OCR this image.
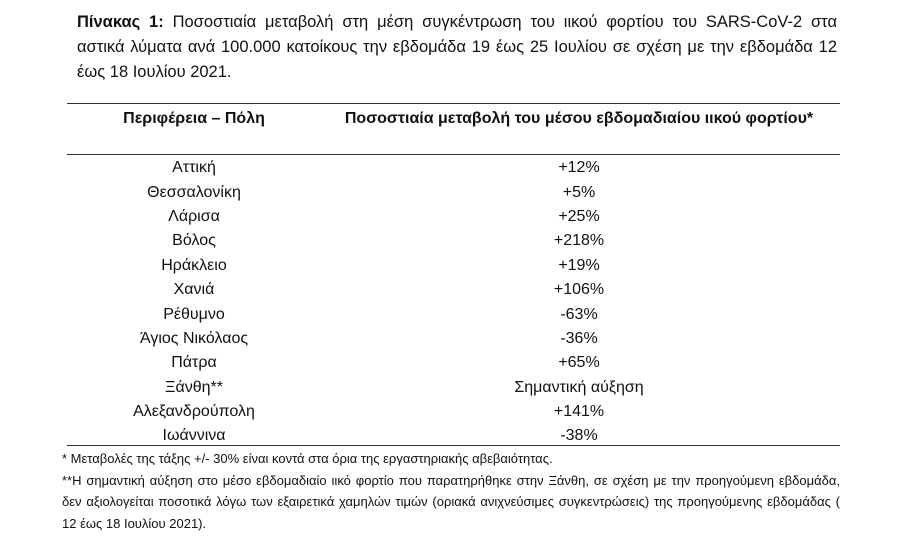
Πίνακας 1: Ποσοστιαία μεταβολή στη μέση συγκέντρωση του ιικού φορτίου του SARS-CoV-2 στα αστικά λύματα ανά 100.000 κατοίκους την εβδομάδα 19 έως 25 Ιουλίου σε σχέση με την εβδομάδα 12 έως 18 Ιουλίου 2021.
Περιφέρεια – Πόλη	Ποσοστιαία μεταβολή του μέσου εβδομαδιαίου ιικού φορτίου*
Αττική	+12%
Θεσσαλονίκη	+5%
Λάρισα	+25%
Βόλος	+218%
Ηράκλειο	+19%
Χανιά	+106%
Ρέθυμνο	-63%
Άγιος Νικόλαος	-36%
Πάτρα	+65%
Ξάνθη**	Σημαντική αύξηση
Αλεξανδρούπολη	+141%
Ιωάννινα	-38%
* Μεταβολές της τάξης +/- 30% είναι κοντά στα όρια της εργαστηριακής αβεβαιότητας.
**Η σημαντική αύξηση στο μέσο εβδομαδιαίο ιικό φορτίο που παρατηρήθηκε στην Ξάνθη, σε σχέση με την προηγούμενη εβδομάδα, δεν αξιολογείται ποσοτικά λόγω των εξαιρετικά χαμηλών τιμών (οριακά ανιχνεύσιμες συγκεντρώσεις) της προηγούμενης εβδομάδας ( 12 έως 18 Ιουλίου 2021).
